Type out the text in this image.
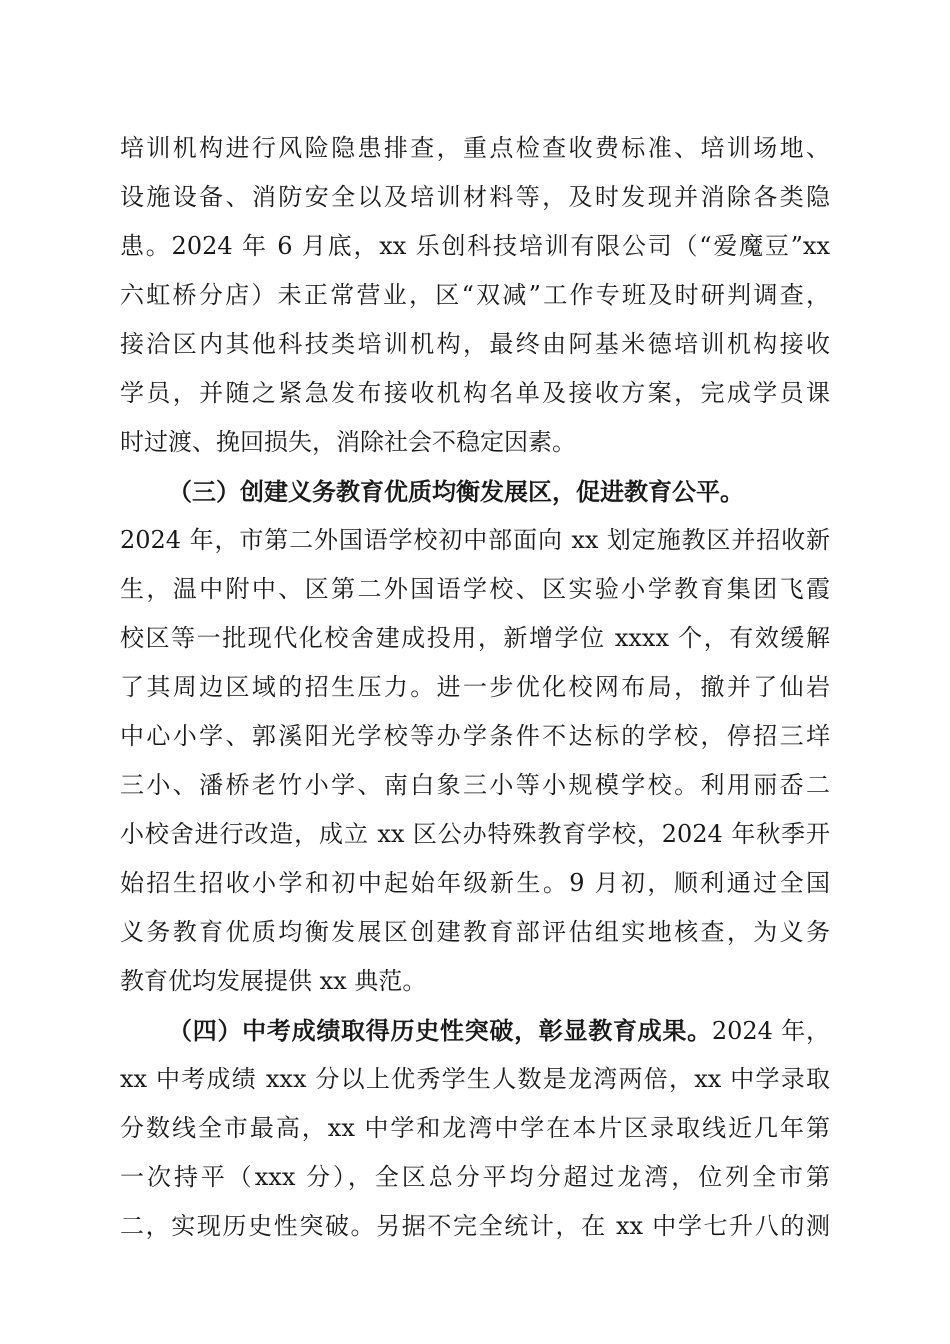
培训机构进行风险隐患排查，重点检查收费标准、培训场地、
设施设备、消防安全以及培训材料等，及时发现并消除各类隐
患。2024 年 6 月底，xx 乐创科技培训有限公司（“爱魔豆”xx
六虹桥分店）未正常营业，区“双减”工作专班及时研判调查，
接洽区内其他科技类培训机构，最终由阿基米德培训机构接收
学员，并随之紧急发布接收机构名单及接收方案，完成学员课
时过渡、挽回损失，消除社会不稳定因素。
（三）创建义务教育优质均衡发展区，促进教育公平。
2024 年，市第二外国语学校初中部面向 xx 划定施教区并招收新
生，温中附中、区第二外国语学校、区实验小学教育集团飞霞
校区等一批现代化校舍建成投用，新增学位 xxxx 个，有效缓解
了其周边区域的招生压力。进一步优化校网布局，撤并了仙岩
中心小学、郭溪阳光学校等办学条件不达标的学校，停招三垟
三小、潘桥老竹小学、南白象三小等小规模学校。利用丽岙二
小校舍进行改造，成立 xx 区公办特殊教育学校，2024 年秋季开
始招生招收小学和初中起始年级新生。9 月初，顺利通过全国
义务教育优质均衡发展区创建教育部评估组实地核查，为义务
教育优均发展提供 xx 典范。
（四）中考成绩取得历史性突破，彰显教育成果。2024 年，
xx 中考成绩 xxx 分以上优秀学生人数是龙湾两倍，xx 中学录取
分数线全市最高，xx 中学和龙湾中学在本片区录取线近几年第
一次持平（xxx 分），全区总分平均分超过龙湾，位列全市第
二，实现历史性突破。另据不完全统计，在 xx 中学七升八的测
